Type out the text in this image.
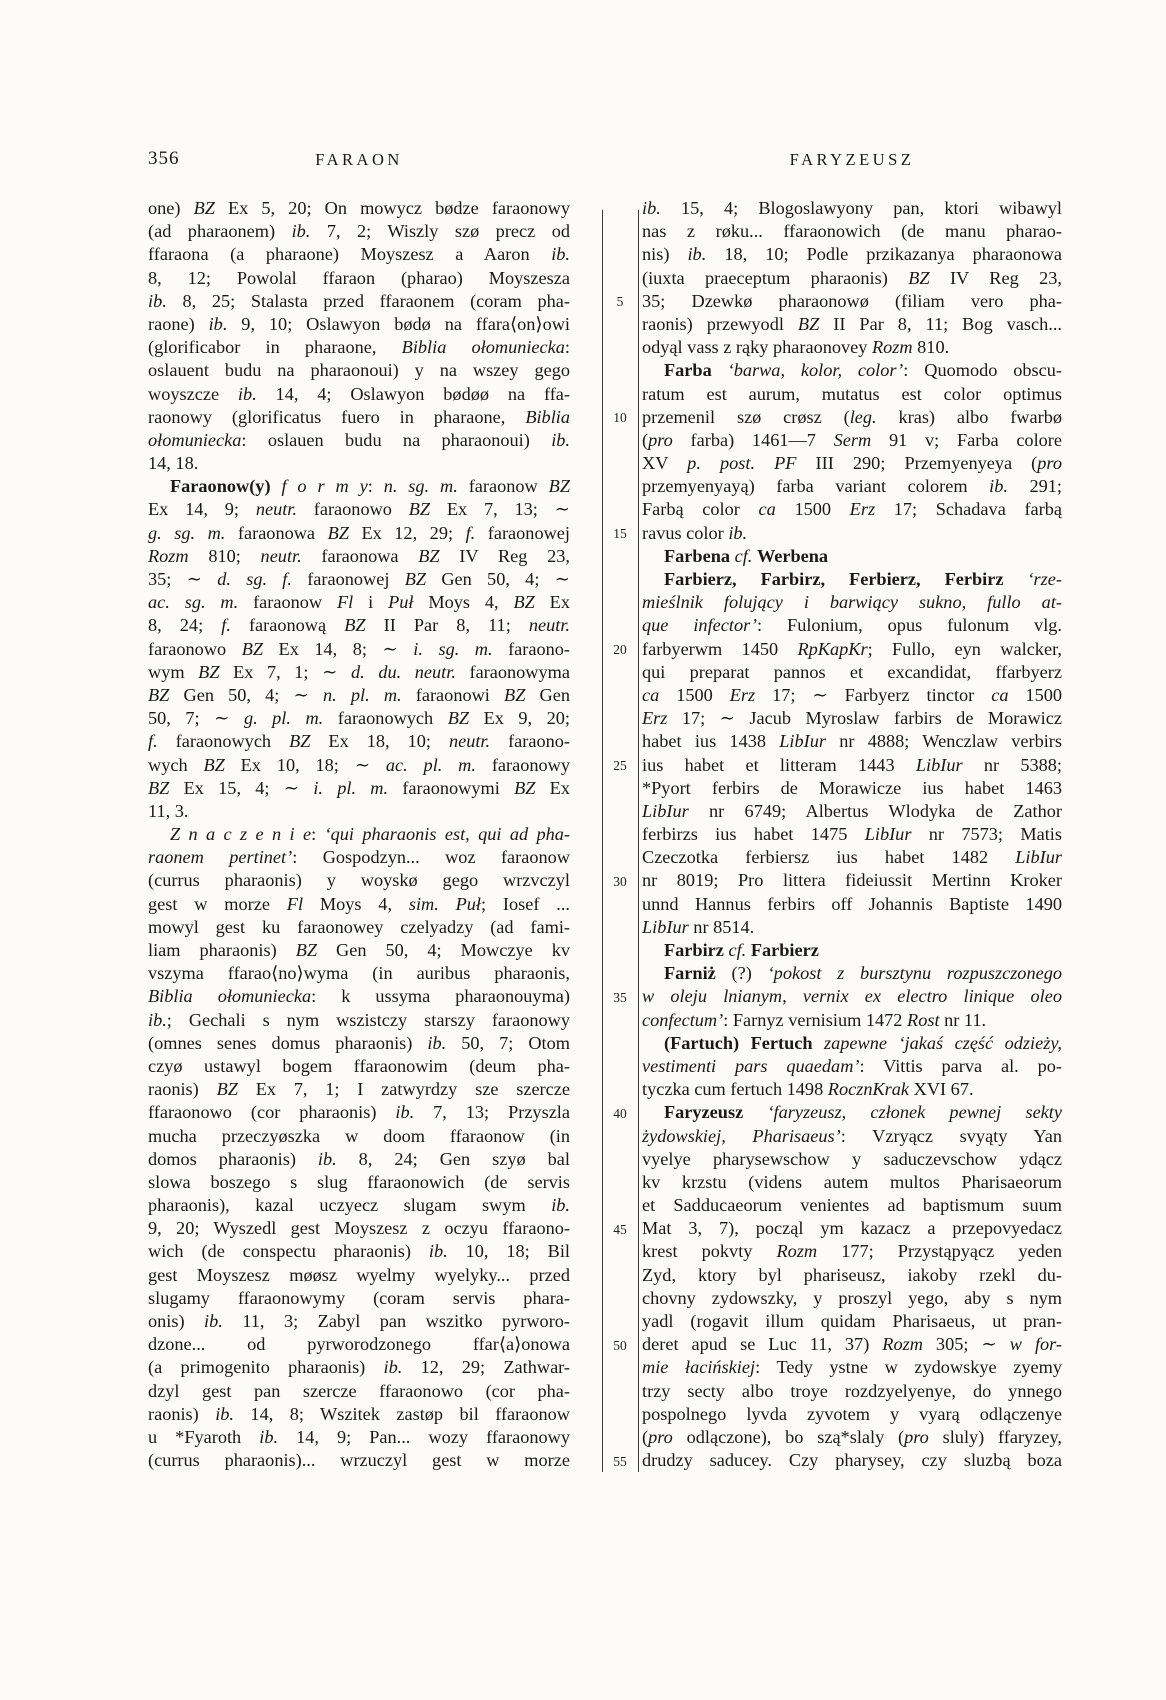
356	FARAON	FARYZEUSZ
one) BZ Ex 5, 20; On mowycz bødze faraonowy
(ad pharaonem) ib. 7, 2; Wiszly szø precz od
ffaraona (a pharaone) Moyszesz a Aaron ib.
8, 12; Powolal ffaraon (pharao) Moyszesza
ib. 8, 25; Stalasta przed ffaraonem (coram pha-
raone) ib. 9, 10; Oslawyon bødø na ffara⟨on⟩owi
(glorificabor in pharaone, Biblia ołomuniecka:
oslauent budu na pharaonoui) y na wszey gego
woyszcze ib. 14, 4; Oslawyon bødøø na ffa-
raonowy (glorificatus fuero in pharaone, Biblia
ołomuniecka: oslauen budu na pharaonoui) ib.
14, 18.
Faraonow(y) f o r m y: n. sg. m. faraonow BZ
Ex 14, 9; neutr. faraonowo BZ Ex 7, 13; ∼
g. sg. m. faraonowa BZ Ex 12, 29; f. faraonowej
Rozm 810; neutr. faraonowa BZ IV Reg 23,
35; ∼ d. sg. f. faraonowej BZ Gen 50, 4; ∼
ac. sg. m. faraonow Fl i Puł Moys 4, BZ Ex
8, 24; f. faraonową BZ II Par 8, 11; neutr.
faraonowo BZ Ex 14, 8; ∼ i. sg. m. faraono-
wym BZ Ex 7, 1; ∼ d. du. neutr. faraonowyma
BZ Gen 50, 4; ∼ n. pl. m. faraonowi BZ Gen
50, 7; ∼ g. pl. m. faraonowych BZ Ex 9, 20;
f. faraonowych BZ Ex 18, 10; neutr. faraono-
wych BZ Ex 10, 18; ∼ ac. pl. m. faraonowy
BZ Ex 15, 4; ∼ i. pl. m. faraonowymi BZ Ex
11, 3.
Z n a c z e n i e: ‘qui pharaonis est, qui ad pha-
raonem pertinet’: Gospodzyn... woz faraonow
(currus pharaonis) y woyskø gego wrzvczyl
gest w morze Fl Moys 4, sim. Puł; Iosef ...
mowyl gest ku faraonowey czelyadzy (ad fami-
liam pharaonis) BZ Gen 50, 4; Mowczye kv
vszyma ffarao⟨no⟩wyma (in auribus pharaonis,
Biblia ołomuniecka: k ussyma pharaonouyma)
ib.; Gechali s nym wszistczy starszy faraonowy
(omnes senes domus pharaonis) ib. 50, 7; Otom
czyø ustawyl bogem ffaraonowim (deum pha-
raonis) BZ Ex 7, 1; I zatwyrdzy sze szercze
ffaraonowo (cor pharaonis) ib. 7, 13; Przyszla
mucha przeczyøszka w doom ffaraonow (in
domos pharaonis) ib. 8, 24; Gen szyø bal
slowa boszego s slug ffaraonowich (de servis
pharaonis), kazal uczyecz slugam swym ib.
9, 20; Wyszedl gest Moyszesz z oczyu ffaraono-
wich (de conspectu pharaonis) ib. 10, 18; Bil
gest Moyszesz møøsz wyelmy wyelyky... przed
slugamy ffaraonowymy (coram servis phara-
onis) ib. 11, 3; Zabyl pan wszitko pyrworo-
dzone... od pyrworodzonego ffar⟨a⟩onowa
(a primogenito pharaonis) ib. 12, 29; Zathwar-
dzyl gest pan szercze ffaraonowo (cor pha-
raonis) ib. 14, 8; Wszitek zastøp bil ffaraonow
u *Fyaroth ib. 14, 9; Pan... wozy ffaraonowy
(currus pharaonis)... wrzuczyl gest w morze
5
10
15
20
25
30
35
40
45
50
55
ib. 15, 4; Blogoslawyony pan, ktori wibawyl
nas z røku... ffaraonowich (de manu pharao-
nis) ib. 18, 10; Podle przikazanya pharaonowa
(iuxta praeceptum pharaonis) BZ IV Reg 23,
35; Dzewkø pharaonowø (filiam vero pha-
raonis) przewyodl BZ II Par 8, 11; Bog vasch...
odyąl vass z rąky pharaonovey Rozm 810.
Farba ‘barwa, kolor, color’: Quomodo obscu-
ratum est aurum, mutatus est color optimus
przemenil szø crøsz (leg. kras) albo fwarbø
(pro farba) 1461—7 Serm 91 v; Farba colore
XV p. post. PF III 290; Przemyenyeya (pro
przemyenyayą) farba variant colorem ib. 291;
Farbą color ca 1500 Erz 17; Schadava farbą
ravus color ib.
Farbena cf. Werbena
Farbierz, Farbirz, Ferbierz, Ferbirz ‘rze-
mieślnik folujący i barwiący sukno, fullo at-
que infector’: Fulonium, opus fulonum vlg.
farbyerwm 1450 RpKapKr; Fullo, eyn walcker,
qui preparat pannos et excandidat, ffarbyerz
ca 1500 Erz 17; ∼ Farbyerz tinctor ca 1500
Erz 17; ∼ Jacub Myroslaw farbirs de Morawicz
habet ius 1438 LibIur nr 4888; Wenczlaw verbirs
ius habet et litteram 1443 LibIur nr 5388;
*Pyort ferbirs de Morawicze ius habet 1463
LibIur nr 6749; Albertus Wlodyka de Zathor
ferbirzs ius habet 1475 LibIur nr 7573; Matis
Czeczotka ferbiersz ius habet 1482 LibIur
nr 8019; Pro littera fideiussit Mertinn Kroker
unnd Hannus ferbirs off Johannis Baptiste 1490
LibIur nr 8514.
Farbirz cf. Farbierz
Farniż (?) ‘pokost z bursztynu rozpuszczonego
w oleju lnianym, vernix ex electro linique oleo
confectum’: Farnyz vernisium 1472 Rost nr 11.
(Fartuch) Fertuch zapewne ‘jakaś część odzieży,
vestimenti pars quaedam’: Vittis parva al. po-
tyczka cum fertuch 1498 RocznKrak XVI 67.
Faryzeusz ‘faryzeusz, członek pewnej sekty
żydowskiej, Pharisaeus’: Vzryącz svyąty Yan
vyelye pharysewschow y saduczevschow ydącz
kv krzstu (videns autem multos Pharisaeorum
et Sadducaeorum venientes ad baptismum suum
Mat 3, 7), począl ym kazacz a przepovyedacz
krest pokvty Rozm 177; Przystąpyącz yeden
Zyd, ktory byl phariseusz, iakoby rzekl du-
chovny zydowszky, y proszyl yego, aby s nym
yadl (rogavit illum quidam Pharisaeus, ut pran-
deret apud se Luc 11, 37) Rozm 305; ∼ w for-
mie łacińskiej: Tedy ystne w zydowskye zyemy
trzy secty albo troye rozdzyelyenye, do ynnego
pospolnego lyvda zyvotem y vyarą odlączenye
(pro odlączone), bo szą*slaly (pro sluly) ffaryzey,
drudzy saducey. Czy pharysey, czy sluzbą boza
